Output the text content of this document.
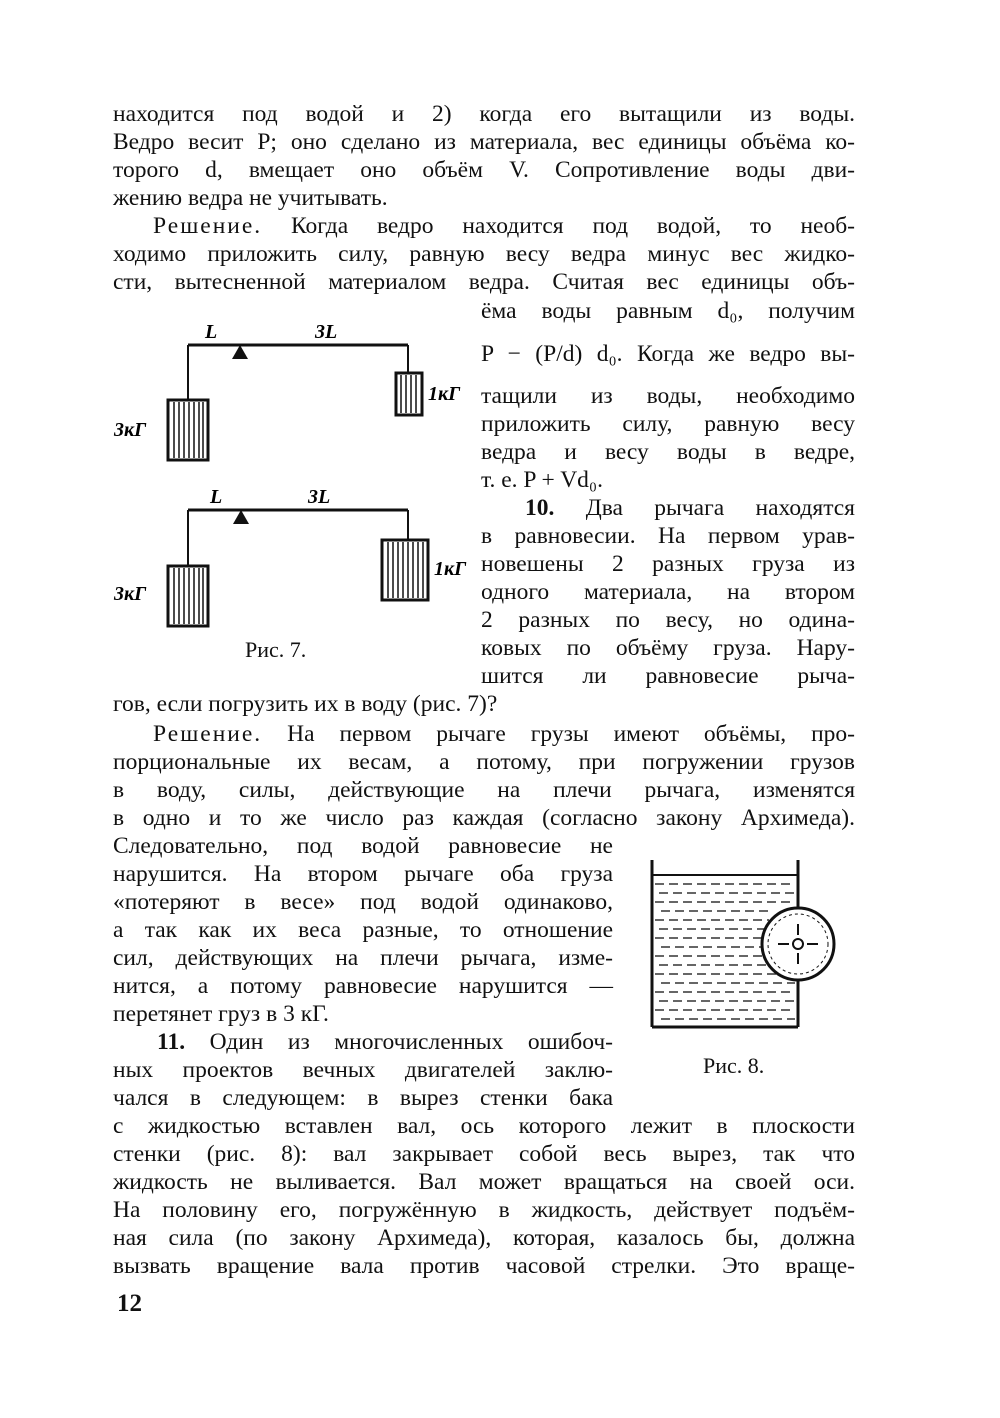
находится под водой и 2) когда его вытащили из воды.
Ведро весит P; оно сделано из материала, вес единицы объёма ко-
торого d, вмещает оно объём V. Сопротивление воды дви-
жению ведра не учитывать.
Решение. Когда ведро находится под водой, то необ-
ходимо приложить силу, равную весу ведра минус вес жидко-
сти, вытесненной материалом ведра. Считая вес единицы объ-
ёма воды равным d₀, получим
P − (P/d) d₀. Когда же ведро вы-
тащили из воды, необходимо
приложить силу, равную весу
ведра и весу воды в ведре,
т. е. P + Vd₀.
10. Два рычага находятся
в равновесии. На первом урав-
новешены 2 разных груза из
одного материала, на втором
2 разных по весу, но одина-
ковых по объёму груза. Нару-
шится ли равновесие рыча-
гов, если погрузить их в воду (рис. 7)?
L	3L
3кГ
1кГ
L	3L
3кГ
1кГ
Рис. 7.
Решение. На первом рычаге грузы имеют объёмы, про-
порциональные их весам, а потому, при погружении грузов
в воду, силы, действующие на плечи рычага, изменятся
в одно и то же число раз каждая (согласно закону Архимеда).
Следовательно, под водой равновесие не
нарушится. На втором рычаге оба груза
«потеряют в весе» под водой одинаково,
а так как их веса разные, то отношение
сил, действующих на плечи рычага, изме-
нится, а потому равновесие нарушится —
перетянет груз в 3 кГ.
11. Один из многочисленных ошибоч-
ных проектов вечных двигателей заклю-
чался в следующем: в вырез стенки бака
с жидкостью вставлен вал, ось которого лежит в плоскости
стенки (рис. 8): вал закрывает собой весь вырез, так что
жидкость не выливается. Вал может вращаться на своей оси.
На половину его, погружённую в жидкость, действует подъём-
ная сила (по закону Архимеда), которая, казалось бы, должна
вызвать вращение вала против часовой стрелки. Это враще-
Рис. 8.
12
